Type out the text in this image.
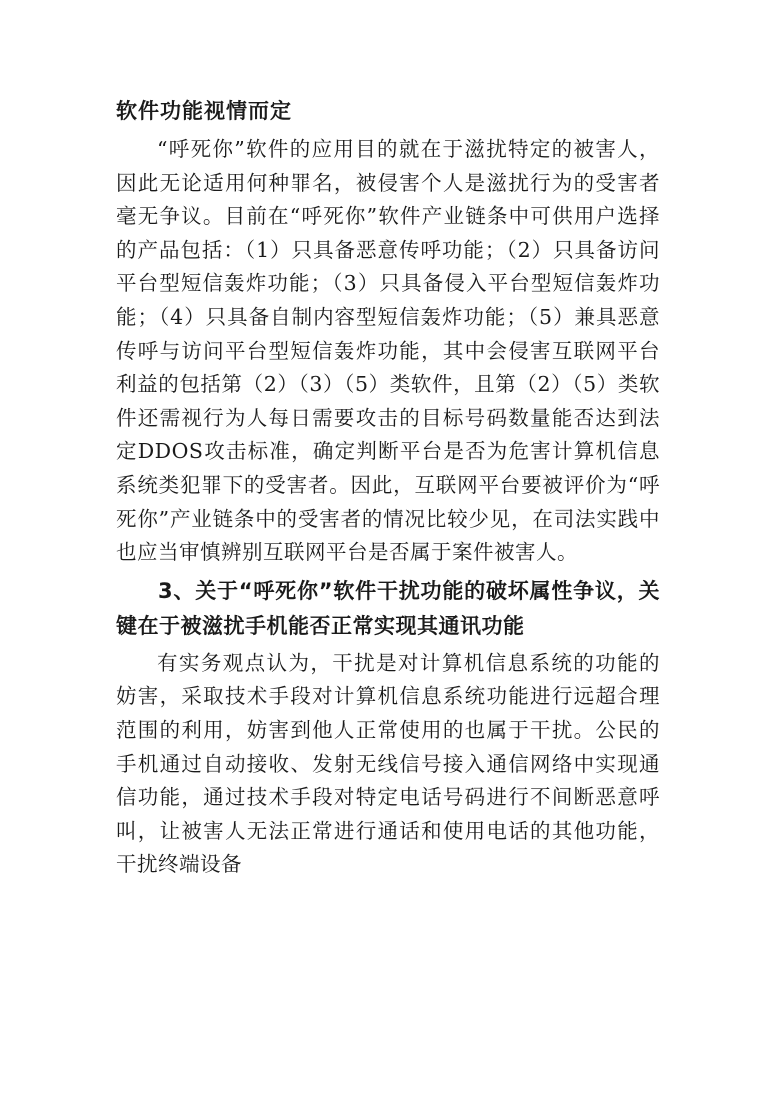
软件功能视情而定

“呼死你”软件的应用目的就在于滋扰特定的被害人，因此无论适用何种罪名，被侵害个人是滋扰行为的受害者毫无争议。目前在“呼死你”软件产业链条中可供用户选择的产品包括：（1）只具备恶意传呼功能；（2）只具备访问平台型短信轰炸功能；（3）只具备侵入平台型短信轰炸功能；（4）只具备自制内容型短信轰炸功能；（5）兼具恶意传呼与访问平台型短信轰炸功能，其中会侵害互联网平台利益的包括第（2）（3）（5）类软件，且第（2）（5）类软件还需视行为人每日需要攻击的目标号码数量能否达到法定DDOS攻击标准，确定判断平台是否为危害计算机信息系统类犯罪下的受害者。因此，互联网平台要被评价为“呼死你”产业链条中的受害者的情况比较少见，在司法实践中也应当审慎辨别互联网平台是否属于案件被害人。

3、关于“呼死你”软件干扰功能的破坏属性争议，关键在于被滋扰手机能否正常实现其通讯功能

有实务观点认为，干扰是对计算机信息系统的功能的妨害，采取技术手段对计算机信息系统功能进行远超合理范围的利用，妨害到他人正常使用的也属于干扰。公民的手机通过自动接收、发射无线信号接入通信网络中实现通信功能，通过技术手段对特定电话号码进行不间断恶意呼叫，让被害人无法正常进行通话和使用电话的其他功能，干扰终端设备
